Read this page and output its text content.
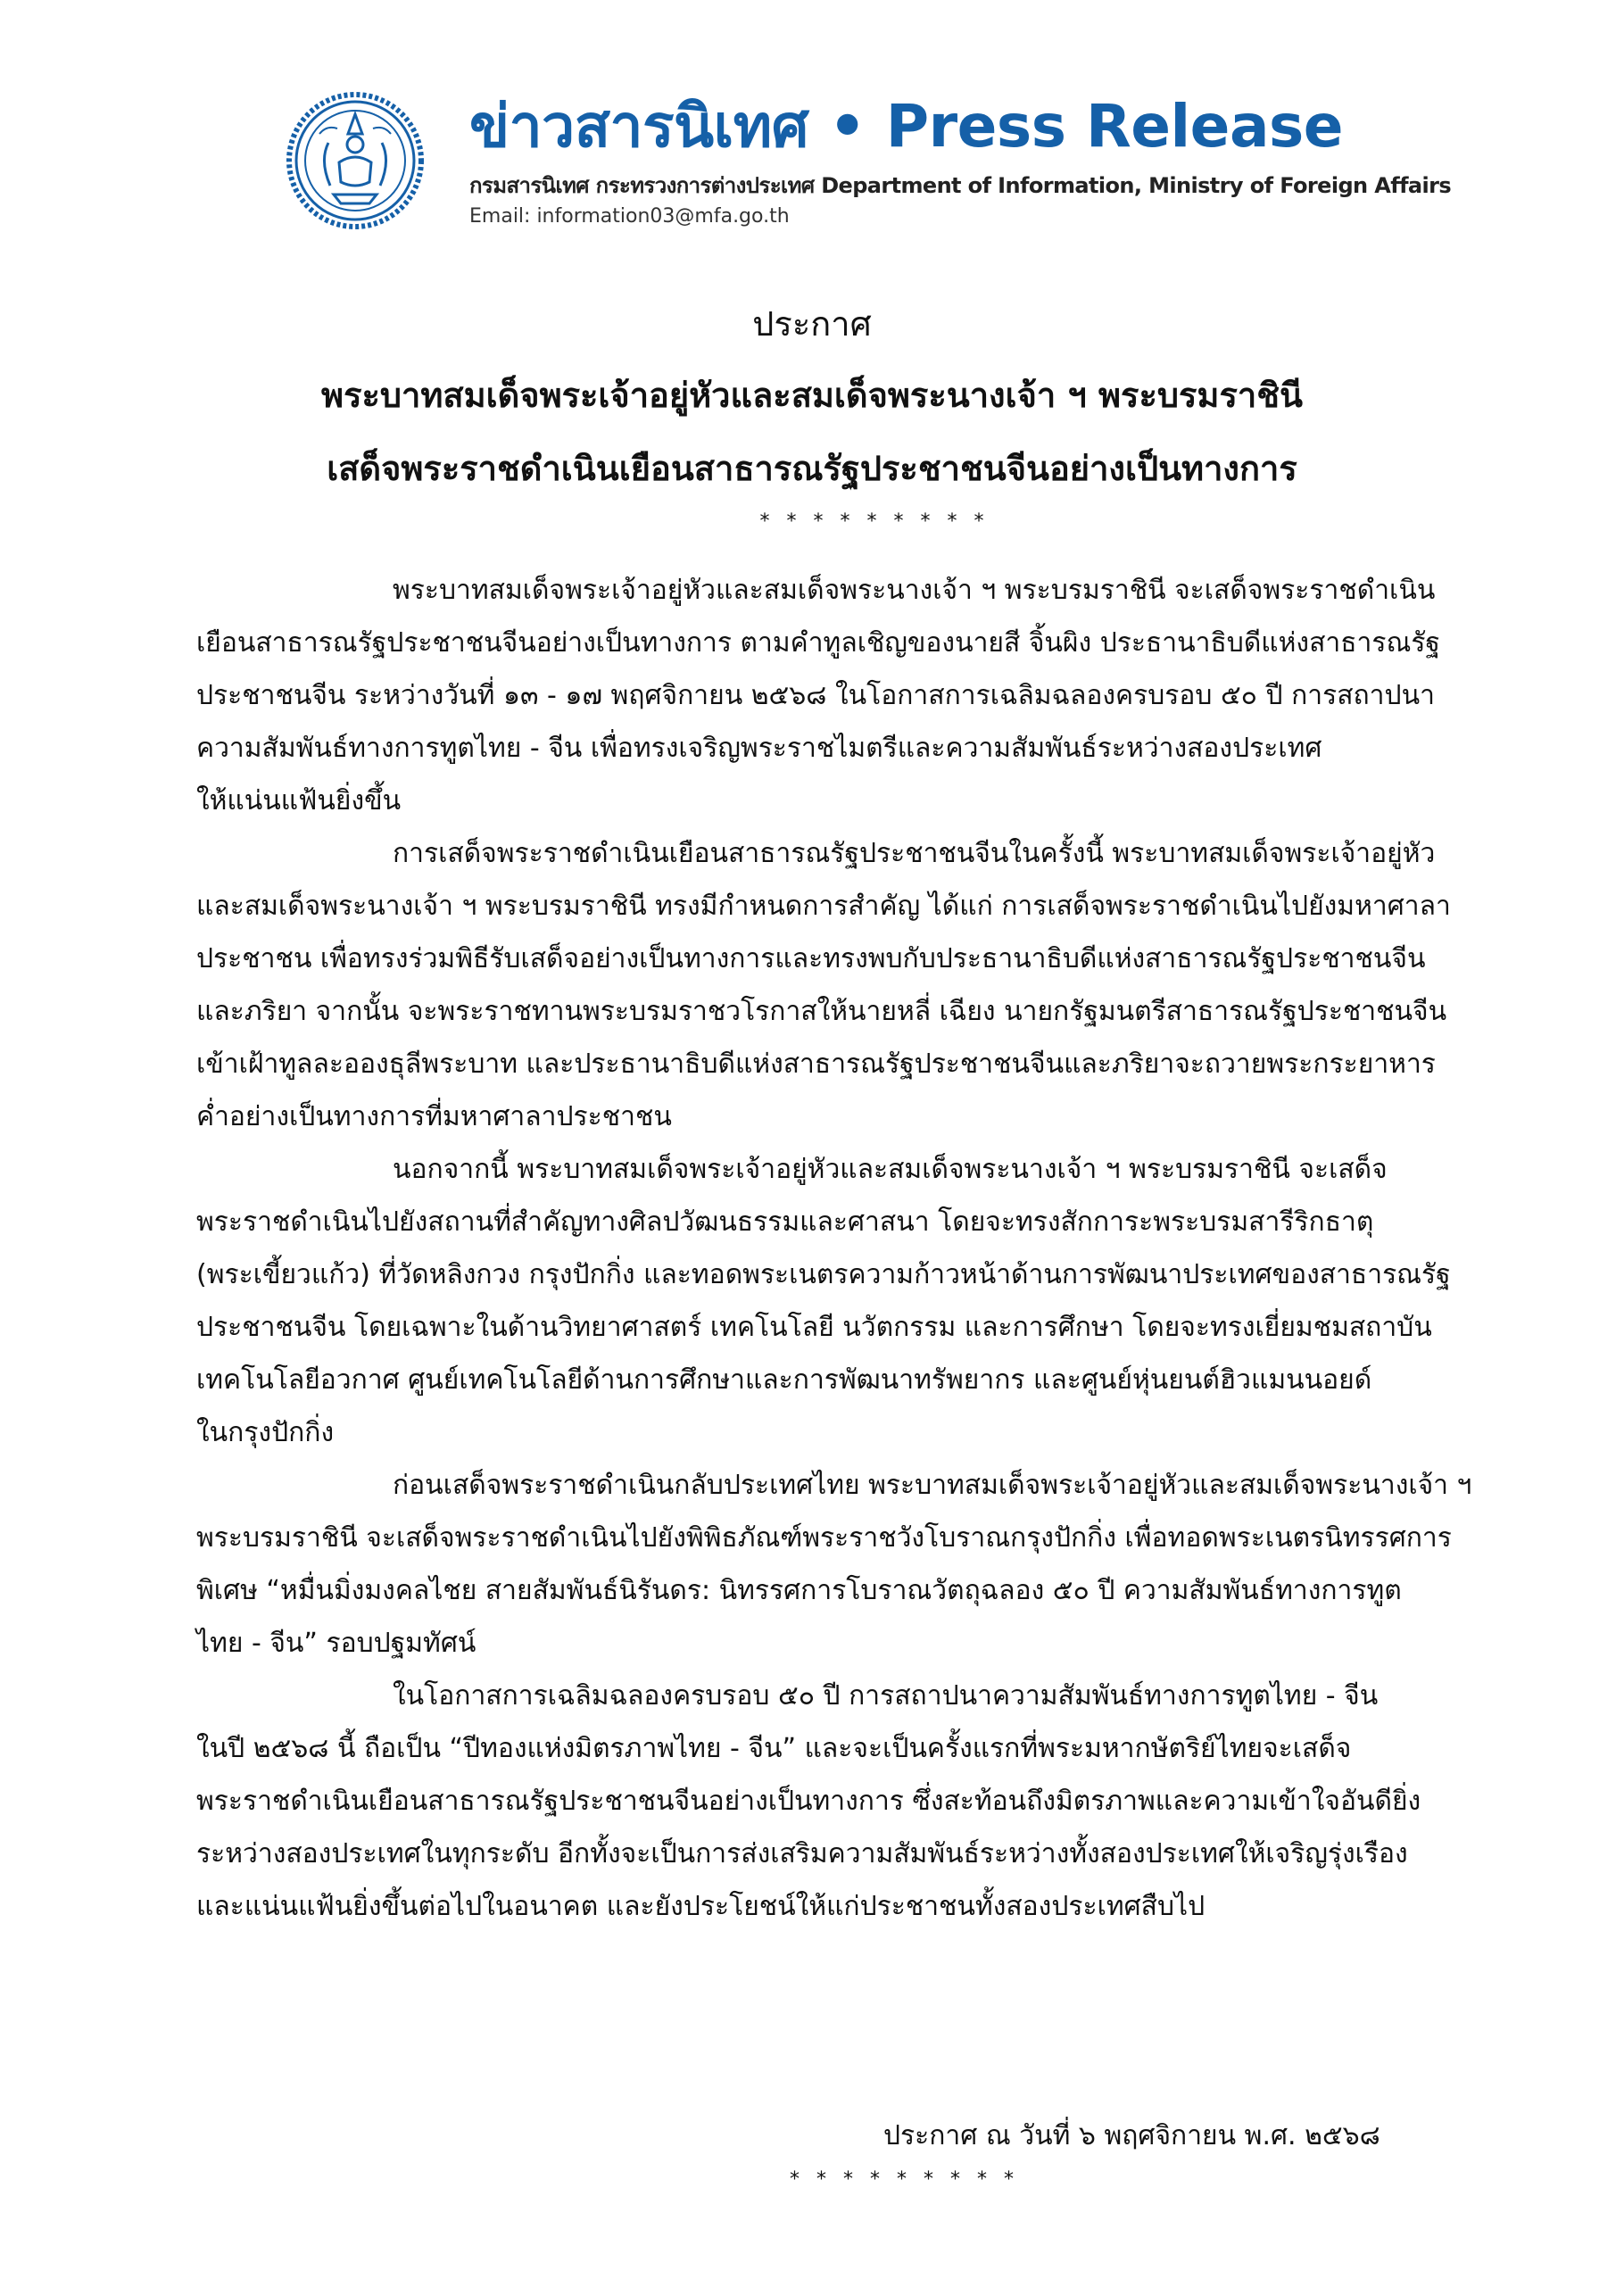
ข่าวสารนิเทศ • Press Release
กรมสารนิเทศ กระทรวงการต่างประเทศ Department of Information, Ministry of Foreign Affairs
Email: information03@mfa.go.th
ประกาศ
พระบาทสมเด็จพระเจ้าอยู่หัวและสมเด็จพระนางเจ้า ฯ พระบรมราชินี
เสด็จพระราชดำเนินเยือนสาธารณรัฐประชาชนจีนอย่างเป็นทางการ
* * * * * * * * *
พระบาทสมเด็จพระเจ้าอยู่หัวและสมเด็จพระนางเจ้า ฯ พระบรมราชินี จะเสด็จพระราชดำเนิน
เยือนสาธารณรัฐประชาชนจีนอย่างเป็นทางการ ตามคำทูลเชิญของนายสี จิ้นผิง ประธานาธิบดีแห่งสาธารณรัฐ
ประชาชนจีน ระหว่างวันที่ ๑๓ - ๑๗ พฤศจิกายน ๒๕๖๘ ในโอกาสการเฉลิมฉลองครบรอบ ๕๐ ปี การสถาปนา
ความสัมพันธ์ทางการทูตไทย - จีน เพื่อทรงเจริญพระราชไมตรีและความสัมพันธ์ระหว่างสองประเทศ
ให้แน่นแฟ้นยิ่งขึ้น
การเสด็จพระราชดำเนินเยือนสาธารณรัฐประชาชนจีนในครั้งนี้ พระบาทสมเด็จพระเจ้าอยู่หัว
และสมเด็จพระนางเจ้า ฯ พระบรมราชินี ทรงมีกำหนดการสำคัญ ได้แก่ การเสด็จพระราชดำเนินไปยังมหาศาลา
ประชาชน เพื่อทรงร่วมพิธีรับเสด็จอย่างเป็นทางการและทรงพบกับประธานาธิบดีแห่งสาธารณรัฐประชาชนจีน
และภริยา จากนั้น จะพระราชทานพระบรมราชวโรกาสให้นายหลี่ เฉียง นายกรัฐมนตรีสาธารณรัฐประชาชนจีน
เข้าเฝ้าทูลละอองธุลีพระบาท และประธานาธิบดีแห่งสาธารณรัฐประชาชนจีนและภริยาจะถวายพระกระยาหาร
ค่ำอย่างเป็นทางการที่มหาศาลาประชาชน
นอกจากนี้ พระบาทสมเด็จพระเจ้าอยู่หัวและสมเด็จพระนางเจ้า ฯ พระบรมราชินี จะเสด็จ
พระราชดำเนินไปยังสถานที่สำคัญทางศิลปวัฒนธรรมและศาสนา โดยจะทรงสักการะพระบรมสารีริกธาตุ
(พระเขี้ยวแก้ว) ที่วัดหลิงกวง กรุงปักกิ่ง และทอดพระเนตรความก้าวหน้าด้านการพัฒนาประเทศของสาธารณรัฐ
ประชาชนจีน โดยเฉพาะในด้านวิทยาศาสตร์ เทคโนโลยี นวัตกรรม และการศึกษา โดยจะทรงเยี่ยมชมสถาบัน
เทคโนโลยีอวกาศ ศูนย์เทคโนโลยีด้านการศึกษาและการพัฒนาทรัพยากร และศูนย์หุ่นยนต์ฮิวแมนนอยด์
ในกรุงปักกิ่ง
ก่อนเสด็จพระราชดำเนินกลับประเทศไทย พระบาทสมเด็จพระเจ้าอยู่หัวและสมเด็จพระนางเจ้า ฯ
พระบรมราชินี จะเสด็จพระราชดำเนินไปยังพิพิธภัณฑ์พระราชวังโบราณกรุงปักกิ่ง เพื่อทอดพระเนตรนิทรรศการ
พิเศษ “หมื่นมิ่งมงคลไชย สายสัมพันธ์นิรันดร: นิทรรศการโบราณวัตถุฉลอง ๕๐ ปี ความสัมพันธ์ทางการทูต
ไทย - จีน” รอบปฐมทัศน์
ในโอกาสการเฉลิมฉลองครบรอบ ๕๐ ปี การสถาปนาความสัมพันธ์ทางการทูตไทย - จีน
ในปี ๒๕๖๘ นี้ ถือเป็น “ปีทองแห่งมิตรภาพไทย - จีน” และจะเป็นครั้งแรกที่พระมหากษัตริย์ไทยจะเสด็จ
พระราชดำเนินเยือนสาธารณรัฐประชาชนจีนอย่างเป็นทางการ ซึ่งสะท้อนถึงมิตรภาพและความเข้าใจอันดียิ่ง
ระหว่างสองประเทศในทุกระดับ อีกทั้งจะเป็นการส่งเสริมความสัมพันธ์ระหว่างทั้งสองประเทศให้เจริญรุ่งเรือง
และแน่นแฟ้นยิ่งขึ้นต่อไปในอนาคต และยังประโยชน์ให้แก่ประชาชนทั้งสองประเทศสืบไป
ประกาศ ณ วันที่ ๖ พฤศจิกายน พ.ศ. ๒๕๖๘
* * * * * * * * *
